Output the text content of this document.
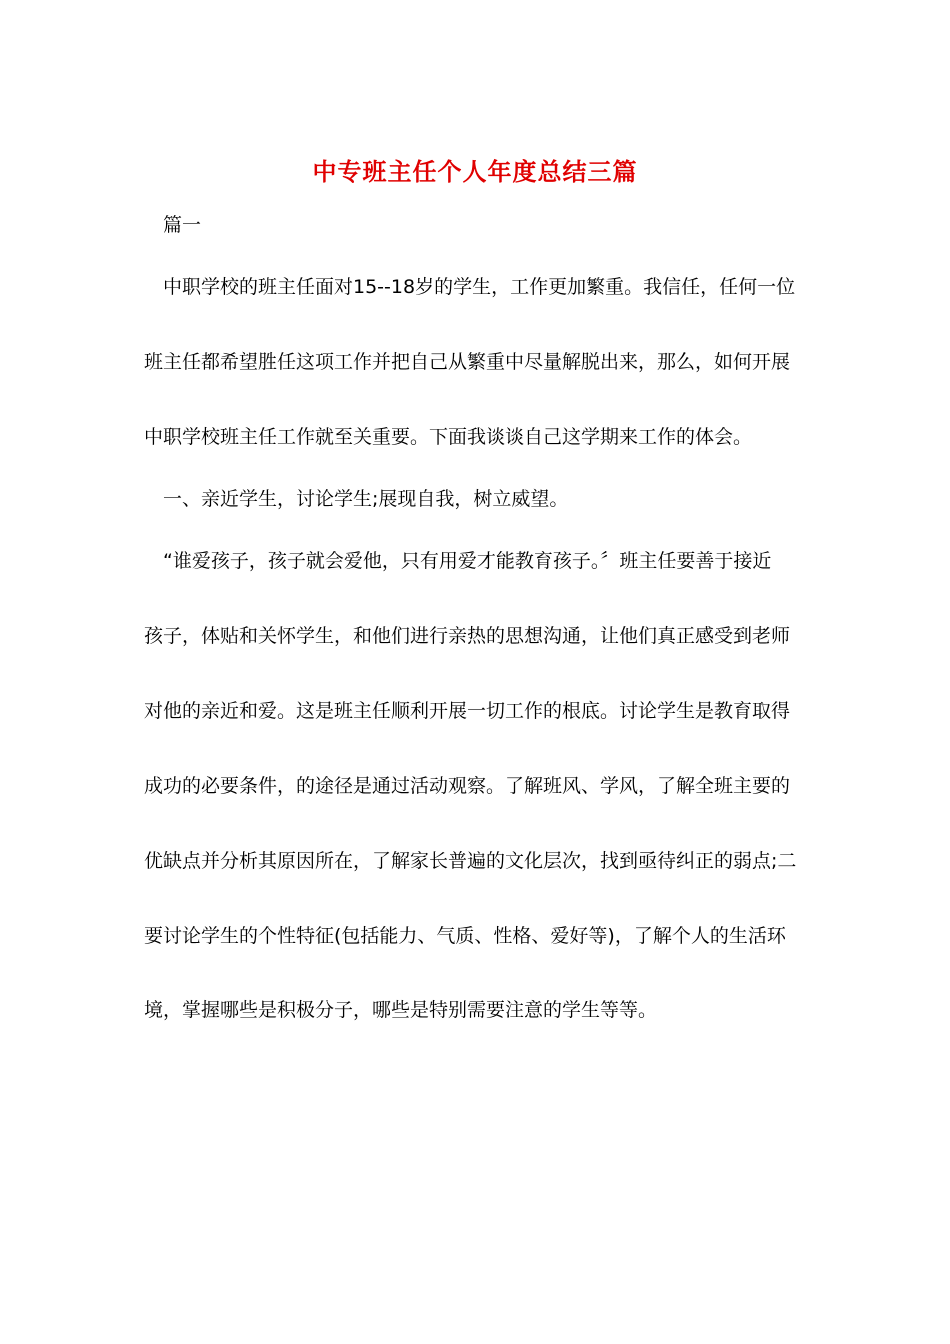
中专班主任个人年度总结三篇
篇一
中职学校的班主任面对15--18岁的学生，工作更加繁重。我信任，任何一位
班主任都希望胜任这项工作并把自己从繁重中尽量解脱出来，那么，如何开展
中职学校班主任工作就至关重要。下面我谈谈自己这学期来工作的体会。
一、亲近学生，讨论学生;展现自我，树立威望。
“谁爱孩子，孩子就会爱他，只有用爱才能教育孩子。〞班主任要善于接近
孩子，体贴和关怀学生，和他们进行亲热的思想沟通，让他们真正感受到老师
对他的亲近和爱。这是班主任顺利开展一切工作的根底。讨论学生是教育取得
成功的必要条件，的途径是通过活动观察。了解班风、学风，了解全班主要的
优缺点并分析其原因所在，了解家长普遍的文化层次，找到亟待纠正的弱点;二
要讨论学生的个性特征(包括能力、气质、性格、爱好等)，了解个人的生活环
境，掌握哪些是积极分子，哪些是特别需要注意的学生等等。
